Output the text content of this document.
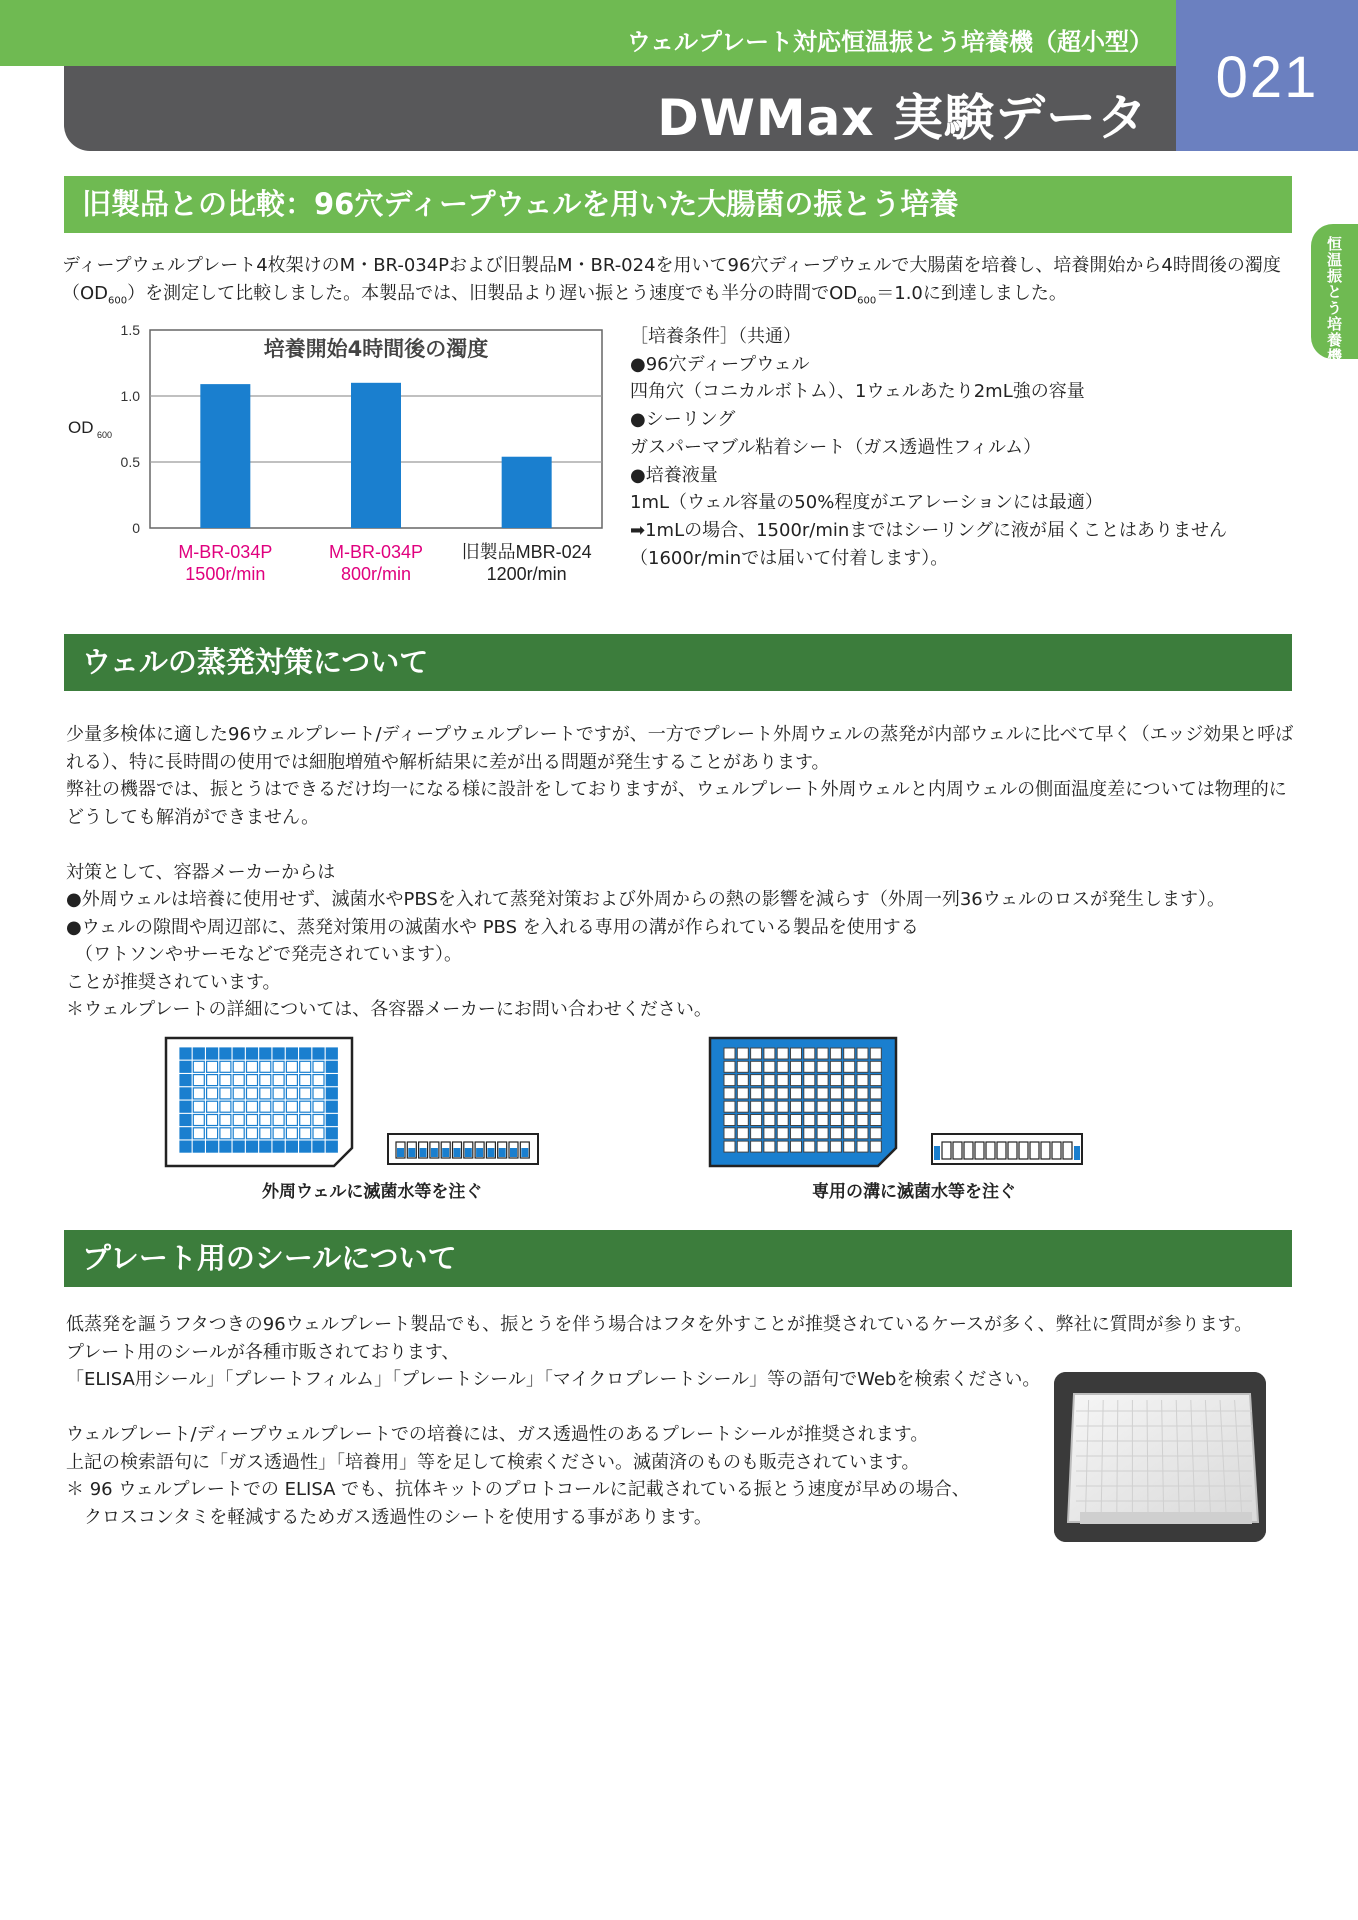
ウェルプレート対応恒温振とう培養機（超小型）
DWMax 実験データ
021
恒温振とう培養機
旧製品との比較：96穴ディープウェルを用いた大腸菌の振とう培養

ディープウェルプレート4枚架けのM・BR-034Pおよび旧製品M・BR-024を用いて96穴ディープウェルで大腸菌を培養し、培養開始から4時間後の濁度

$(OD_{600})$を測定して比較しました。本製品では、旧製品より遅い振とう速度でも半分の時間で$OD_{600}=1.0$に到達しました。

0
0.5
1.0
1.5
OD 600
M-BR-034P
1500r/min
M-BR-034P
800r/min
旧製品MBR-024
1200r/min
培養開始4時間後の濁度

［培養条件］（共通）

●96穴ディープウェル

四角穴（コニカルボトム）、1ウェルあたり2mL強の容量

●シーリング

ガスパーマブル粘着シート（ガス透過性フィルム）

●培養液量

1mL（ウェル容量の50%程度がエアレーションには最適）

➡1mLの場合、1500r/minまではシーリングに液が届くことはありません

（1600r/minでは届いて付着します）。

ウェルの蒸発対策について

少量多検体に適した96ウェルプレート/ディープウェルプレートですが、一方でプレート外周ウェルの蒸発が内部ウェルに比べて早く（エッジ効果と呼ば

れる）、特に長時間の使用では細胞増殖や解析結果に差が出る問題が発生することがあります。

弊社の機器では、振とうはできるだけ均一になる様に設計をしておりますが、ウェルプレート外周ウェルと内周ウェルの側面温度差については物理的に

どうしても解消ができません。

対策として、容器メーカーからは

●外周ウェルは培養に使用せず、滅菌水やPBSを入れて蒸発対策および外周からの熱の影響を減らす（外周一列36ウェルのロスが発生します）。

●ウェルの隙間や周辺部に、蒸発対策用の滅菌水や PBS を入れる専用の溝が作られている製品を使用する

　（ワトソンやサーモなどで発売されています）。

ことが推奨されています。

＊ウェルプレートの詳細については、各容器メーカーにお問い合わせください。

外周ウェルに滅菌水等を注ぐ	専用の溝に滅菌水等を注ぐ
プレート用のシールについて

低蒸発を謳うフタつきの96ウェルプレート製品でも、振とうを伴う場合はフタを外すことが推奨されているケースが多く、弊社に質問が参ります。

プレート用のシールが各種市販されております、

「ELISA用シール」「プレートフィルム」「プレートシール」「マイクロプレートシール」等の語句でWebを検索ください。

ウェルプレート/ディープウェルプレートでの培養には、ガス透過性のあるプレートシールが推奨されます。

上記の検索語句に「ガス透過性」「培養用」等を足して検索ください。滅菌済のものも販売されています。

＊ 96 ウェルプレートでの ELISA でも、抗体キットのプロトコールに記載されている振とう速度が早めの場合、

　クロスコンタミを軽減するためガス透過性のシートを使用する事があります。
